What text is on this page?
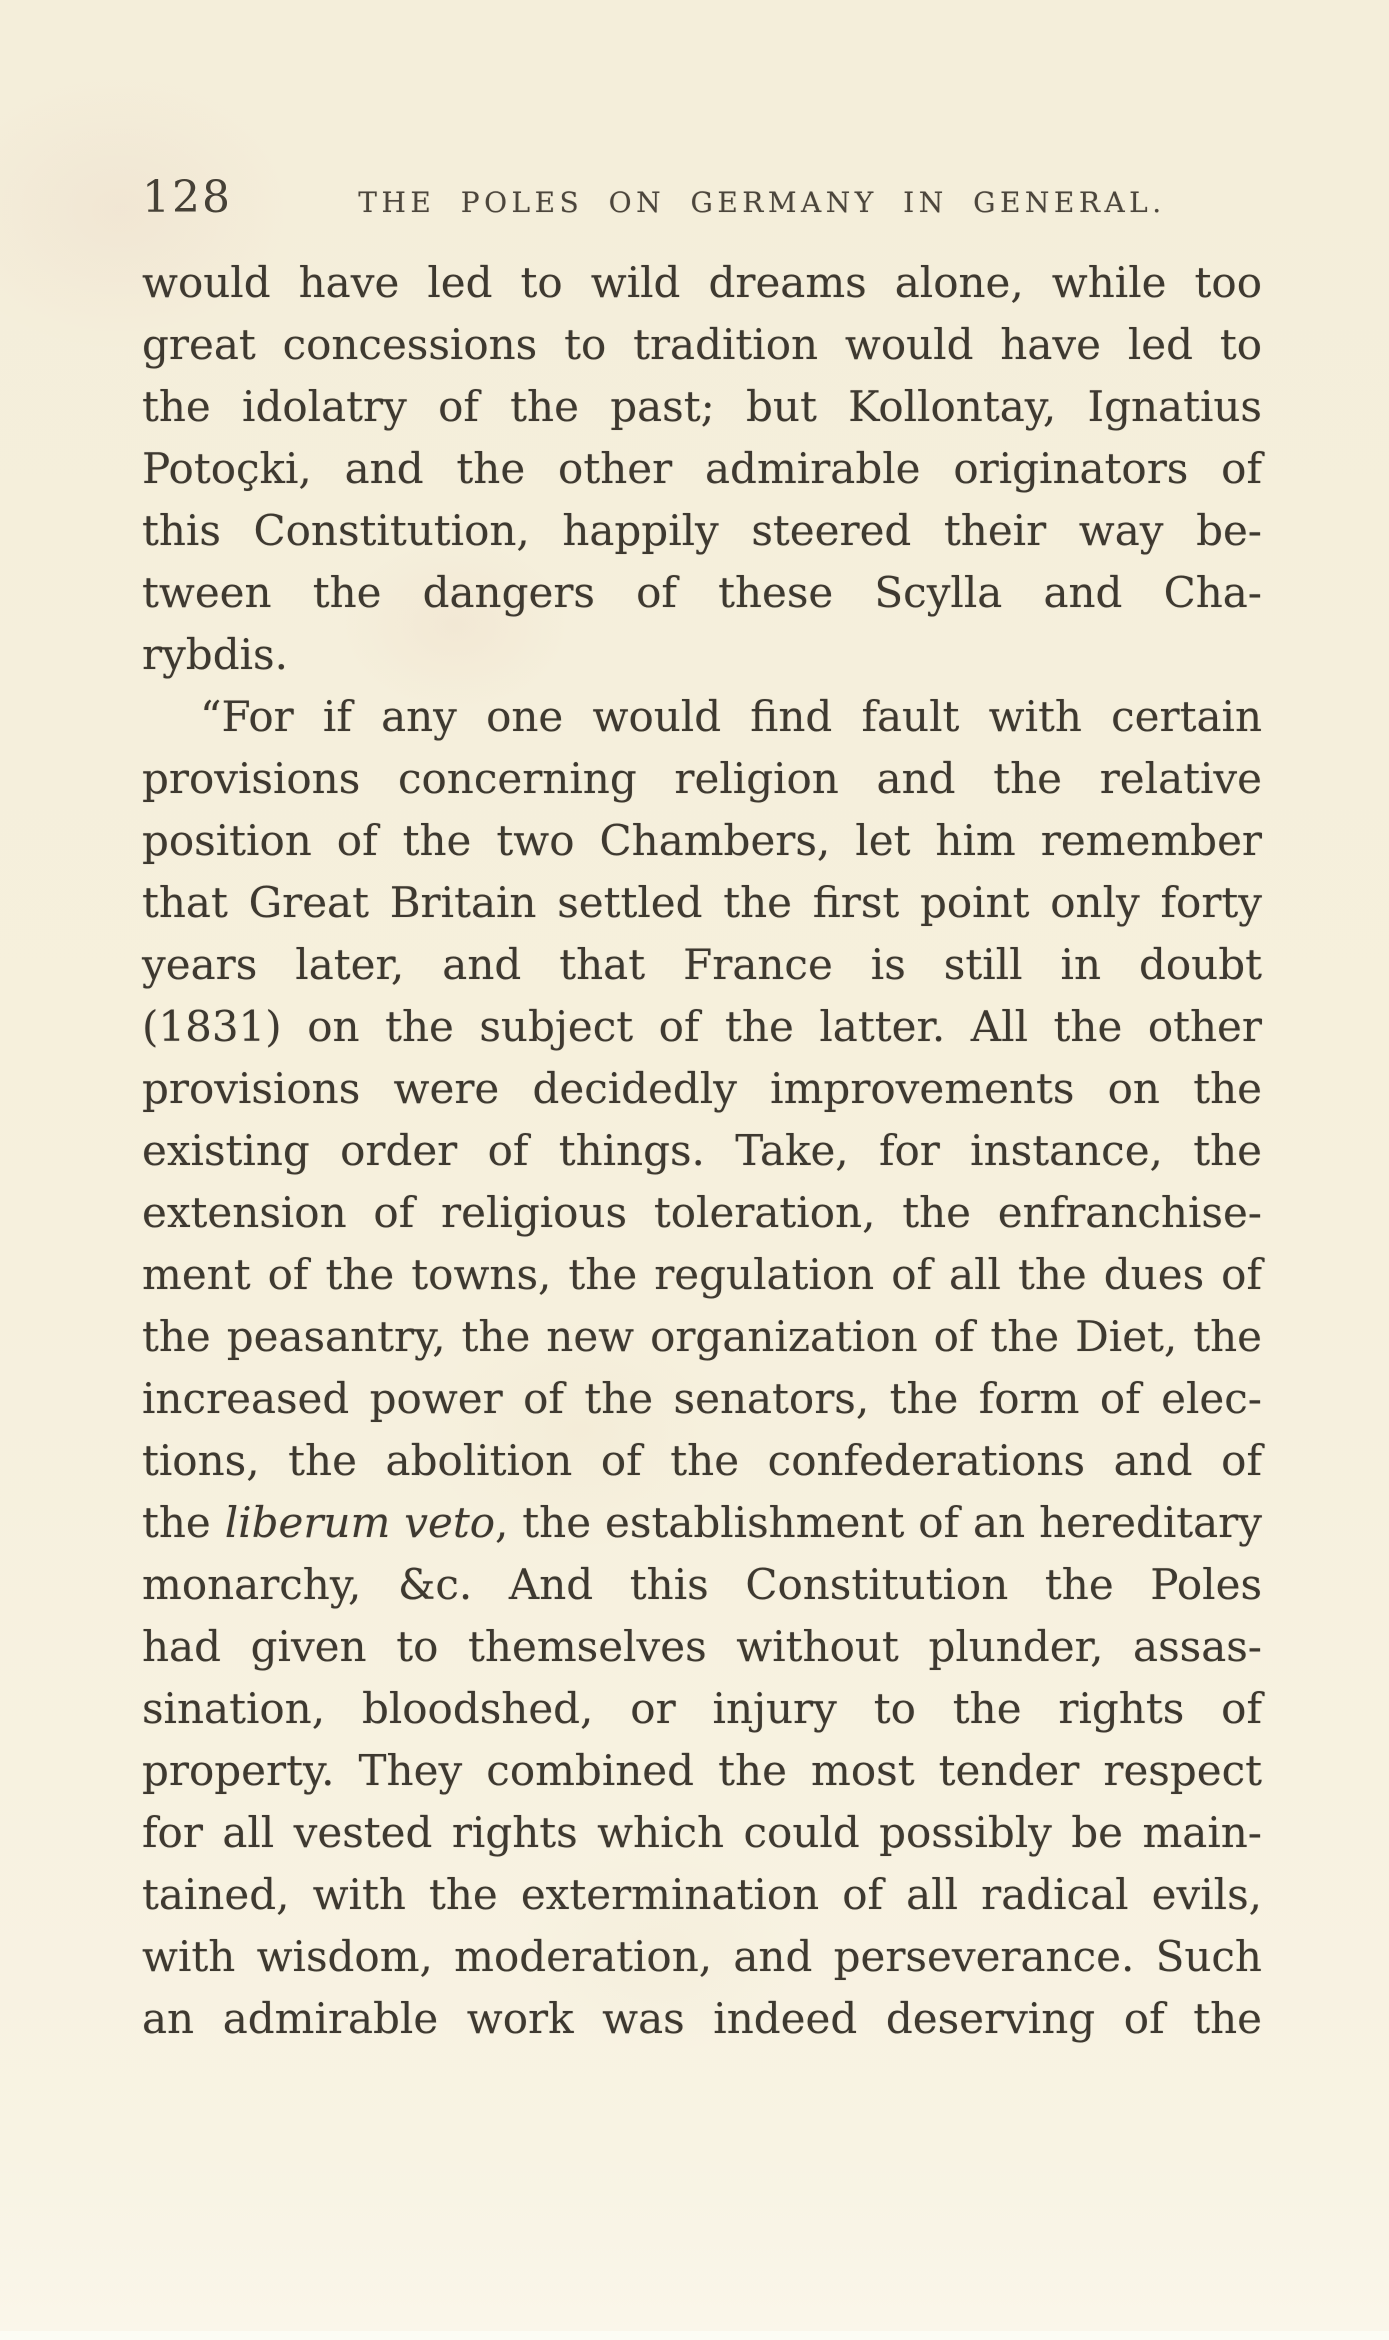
128	THE POLES ON GERMANY IN GENERAL.
would have led to wild dreams alone, while too
great concessions to tradition would have led to
the idolatry of the past; but Kollontay, Ignatius
Potoçki, and the other admirable originators of
this Constitution, happily steered their way be-
tween the dangers of these Scylla and Cha-
rybdis.
“For if any one would find fault with certain
provisions concerning religion and the relative
position of the two Chambers, let him remember
that Great Britain settled the first point only forty
years later, and that France is still in doubt
(1831) on the subject of the latter. All the other
provisions were decidedly improvements on the
existing order of things. Take, for instance, the
extension of religious toleration, the enfranchise-
ment of the towns, the regulation of all the dues of
the peasantry, the new organization of the Diet, the
increased power of the senators, the form of elec-
tions, the abolition of the confederations and of
the liberum veto, the establishment of an hereditary
monarchy, &c. And this Constitution the Poles
had given to themselves without plunder, assas-
sination, bloodshed, or injury to the rights of
property. They combined the most tender respect
for all vested rights which could possibly be main-
tained, with the extermination of all radical evils,
with wisdom, moderation, and perseverance. Such
an admirable work was indeed deserving of the
